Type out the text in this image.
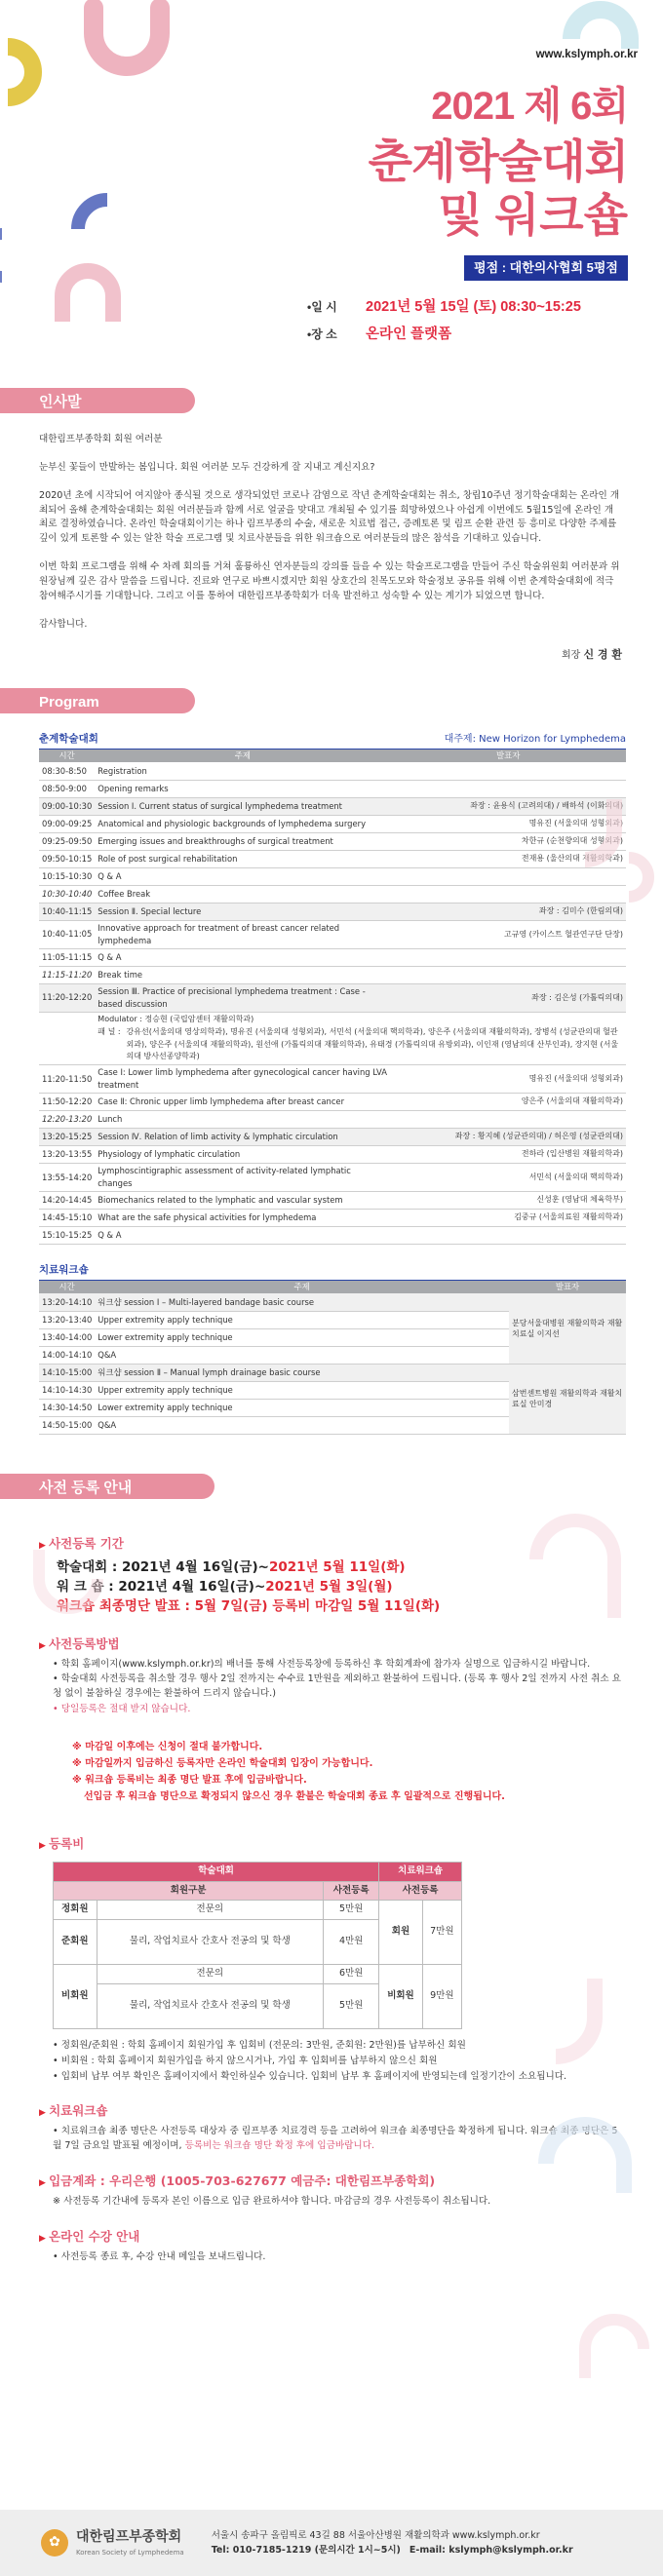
www.kslymph.or.kr
2021 제 6회
춘계학술대회
및 워크숍
평점 : 대한의사협회 5평점
•일 시	2021년 5월 15일 (토) 08:30~15:25
•장 소	온라인 플랫폼
인사말

대한림프부종학회 회원 여러분

눈부신 꽃들이 만발하는 봄입니다. 회원 여러분 모두 건강하게 잘 지내고 계신지요?

2020년 초에 시작되어 여지않아 종식될 것으로 생각되었던 코로나 감염으로 작년 춘계학술대회는 취소, 창립10주년 정기학술대회는 온라인 개최되어 올해 춘계학술대회는 회원 여러분들과 함께 서로 얼굴을 맞대고 개최될 수 있기를 희망하였으나 아쉽게 이번에도 5월15일에 온라인 개최로 결정하였습니다. 온라인 학술대회이기는 하나 림프부종의 수술, 새로운 치료법 접근, 증례토론 및 림프 순환 관련 등 흥미로 다양한 주제를 깊이 있게 토론할 수 있는 알찬 학술 프로그램 및 치료사분들을 위한 워크숍으로 여러분들의 많은 참석을 기대하고 있습니다.

이번 학회 프로그램을 위해 수 차례 회의를 거쳐 훌륭하신 연자분들의 강의를 들을 수 있는 학술프로그램을 만들어 주신 학술위원회 여러분과 위원장님께 깊은 감사 말씀을 드립니다. 진료와 연구로 바쁘시겠지만 회원 상호간의 친목도모와 학술정보 공유를 위해 이번 춘계학술대회에 적극 참여해주시기를 기대합니다. 그리고 이를 통하여 대한림프부종학회가 더욱 발전하고 성숙할 수 있는 계기가 되었으면 합니다.

감사합니다.

회장 신 경 환
Program
춘계학술대회	대주제: New Horizon for Lymphedema
시간	주제	발표자
08:30-8:50	Registration	
08:50-9:00	Opening remarks	
09:00-10:30	Session Ⅰ. Current status of surgical lymphedema treatment	좌장 : 윤용식 (고려의대) / 배하석 (이화의대)
09:00-09:25	Anatomical and physiologic backgrounds of lymphedema surgery	명유진 (서울의대 성형외과)
09:25-09:50	Emerging issues and breakthroughs of surgical treatment	차한규 (순천향의대 성형외과)
09:50-10:15	Role of post surgical rehabilitation	전재용 (울산의대 재활의학과)
10:15-10:30	Q & A	
10:30-10:40	Coffee Break	
10:40-11:15	Session Ⅱ. Special lecture	좌장 : 김미수 (한림의대)
10:40-11:05	Innovative approach for treatment of breast cancer related lymphedema	고규영 (카이스트 혈관연구단 단장)
11:05-11:15	Q & A	
11:15-11:20	Break time	
11:20-12:20	Session Ⅲ. Practice of precisional lymphedema treatment : Case - based discussion	좌장 : 김은성 (가톨릭의대)

	Modulator : 정승현 (국립암센터 재활의학과)
패 널 : 강유선(서울의대 영상의학과), 명유진 (서울의대 성형외과), 서민석 (서울의대 핵의학과), 양은주 (서울의대 재활의학과), 장병석 (성균관의대 혈관외과), 양은주 (서울의대 재활의학과), 원선애 (가톨릭의대 재활의학과), 유태경 (가톨릭의대 유방외과), 이인재 (영남의대 산부인과), 장지현 (서울의대 방사선종양학과)	

11:20-11:50	Case Ⅰ: Lower limb lymphedema after gynecological cancer having LVA treatment	명유진 (서울의대 성형외과)
11:50-12:20	Case Ⅱ: Chronic upper limb lymphedema after breast cancer	양은주 (서울의대 재활의학과)
12:20-13:20	Lunch	
13:20-15:25	Session Ⅳ. Relation of limb activity & lymphatic circulation	좌장 : 황지혜 (성균관의대) / 허은영 (성균관의대)
13:20-13:55	Physiology of lymphatic circulation	전하라 (입산병원 재활의학과)
13:55-14:20	Lymphoscintigraphic assessment of activity-related lymphatic changes	서민석 (서울의대 핵의학과)
14:20-14:45	Biomechanics related to the lymphatic and vascular system	신성훈 (영남대 체육학부)
14:45-15:10	What are the safe physical activities for lymphedema	김중규 (서울의료원 재활의학과)
15:10-15:25	Q & A	
치료워크숍
시간	주제	발표자
13:20-14:10	워크샵 session Ⅰ – Multi-layered bandage basic course	분당서울대병원 재활의학과 재활치료실 이지선
13:20-13:40	Upper extremity apply technique	
13:40-14:00	Lower extremity apply technique	
14:00-14:10	Q&A	
14:10-15:00	워크샵 session Ⅱ – Manual lymph drainage basic course	삼번센트병원 재활의학과 재활치료실 안미경
14:10-14:30	Upper extremity apply technique	
14:30-14:50	Lower extremity apply technique	
14:50-15:00	Q&A	
사전 등록 안내
▶ 사전등록 기간
학술대회 : 2021년 4월 16일(금)~2021년 5월 11일(화)
워 크 숍 : 2021년 4월 16일(금)~2021년 5월 3일(월)
워크숍 최종명단 발표 : 5월 7일(금) 등록비 마감일 5월 11일(화)
▶ 사전등록방법
• 학회 홈페이지(www.kslymph.or.kr)의 배너를 통해 사전등록창에 등록하신 후 학회계좌에 참가자 실명으로 입금하시길 바랍니다.
• 학술대회 사전등록을 취소할 경우 행사 2일 전까지는 수수료 1만원을 제외하고 환불하여 드립니다. (등록 후 행사 2일 전까지 사전 취소 요청 없이 불참하실 경우에는 환불하여 드리지 않습니다.)
• 당일등록은 절대 받지 않습니다.
※ 마감일 이후에는 신청이 절대 불가합니다.
※ 마감일까지 입금하신 등록자만 온라인 학술대회 입장이 가능합니다.
※ 워크숍 등록비는 최종 명단 발표 후에 입금바랍니다.
선입금 후 워크숍 명단으로 확정되지 않으신 경우 환불은 학술대회 종료 후 일괄적으로 진행됩니다.
▶ 등록비
학술대회			치료워크숍	
회원구분		사전등록	사전등록	
정회원	전문의	5만원	회원	7만원
준회원	물리, 작업치료사 간호사 전공의 및 학생	4만원		
비회원	전문의	6만원	비회원	9만원
	물리, 작업치료사 간호사 전공의 및 학생	5만원		
• 정회원/준회원 : 학회 홈페이지 회원가입 후 입회비 (전문의: 3만원, 준회원: 2만원)를 납부하신 회원
• 비회원 : 학회 홈페이지 회원가입을 하지 않으시거나, 가입 후 입회비를 납부하지 않으신 회원
• 입회비 납부 여부 확인은 홈페이지에서 확인하실수 있습니다. 입회비 납부 후 홈페이지에 반영되는데 일정기간이 소요됩니다.
▶ 치료워크숍
• 치료워크숍 최종 명단은 사전등록 대상자 중 림프부종 치료경력 등을 고려하여 워크숍 최종명단을 확정하게 됩니다. 워크숍 최종 명단은 5월 7일 금요일 발표될 예정이며, 등록비는 워크숍 명단 확정 후에 입금바랍니다.
▶ 입금계좌 : 우리은행 (1005-703-627677 예금주: 대한림프부종학회)
※ 사전등록 기간내에 등록자 본인 이름으로 입금 완료하셔야 합니다. 마감금의 경우 사전등록이 취소됩니다.
▶ 온라인 수강 안내
• 사전등록 종료 후, 수강 안내 메일을 보내드립니다.
✿	대한림프부종학회
Korean Society of Lymphedema
서울시 송파구 올림픽로 43길 88 서울아산병원 재활의학과 www.kslymph.or.kr
Tel: 010-7185-1219 (문의시간 1시~5시) E-mail: kslymph@kslymph.or.kr
